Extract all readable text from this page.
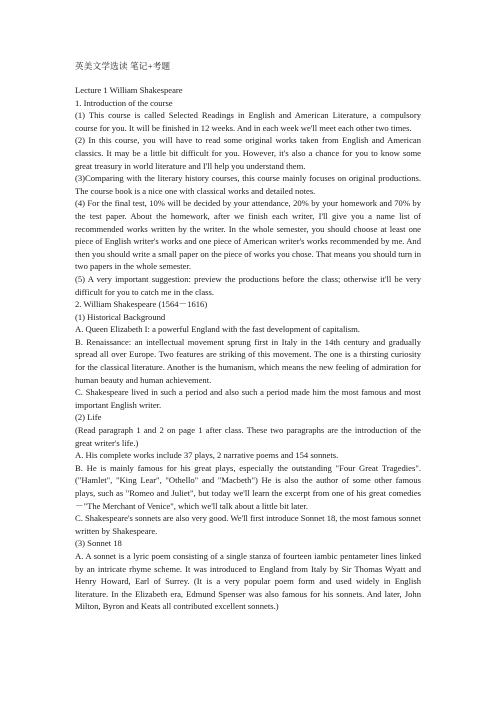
英美文学选读 笔记+考题

Lecture 1 William Shakespeare

1. Introduction of the course

(1) This course is called Selected Readings in English and American Literature, a compulsory course for you. It will be finished in 12 weeks. And in each week we'll meet each other two times.

(2) In this course, you will have to read some original works taken from English and American classics. It may be a little bit difficult for you. However, it's also a chance for you to know some great treasury in world literature and I'll help you understand them.

(3)Comparing with the literary history courses, this course mainly focuses on original productions. The course book is a nice one with classical works and detailed notes.

(4) For the final test, 10% will be decided by your attendance, 20% by your homework and 70% by the test paper. About the homework, after we finish each writer, I'll give you a name list of recommended works written by the writer. In the whole semester, you should choose at least one piece of English writer's works and one piece of American writer's works recommended by me. And then you should write a small paper on the piece of works you chose. That means you should turn in two papers in the whole semester.

(5) A very important suggestion: preview the productions before the class; otherwise it'll be very difficult for you to catch me in the class.

2. William Shakespeare (1564－1616)

(1) Historical Background

A. Queen Elizabeth I: a powerful England with the fast development of capitalism.

B. Renaissance: an intellectual movement sprung first in Italy in the 14th century and gradually spread all over Europe. Two features are striking of this movement. The one is a thirsting curiosity for the classical literature. Another is the humanism, which means the new feeling of admiration for human beauty and human achievement.

C. Shakespeare lived in such a period and also such a period made him the most famous and most important English writer.

(2) Life

(Read paragraph 1 and 2 on page 1 after class. These two paragraphs are the introduction of the great writer's life.)

A. His complete works include 37 plays, 2 narrative poems and 154 sonnets.

B. He is mainly famous for his great plays, especially the outstanding "Four Great Tragedies". ("Hamlet", "King Lear", "Othello" and "Macbeth") He is also the author of some other famous plays, such as "Romeo and Juliet", but today we'll learn the excerpt from one of his great comedies－"The Merchant of Venice", which we'll talk about a little bit later.

C. Shakespeare's sonnets are also very good. We'll first introduce Sonnet 18, the most famous sonnet written by Shakespeare.

(3) Sonnet 18

A. A sonnet is a lyric poem consisting of a single stanza of fourteen iambic pentameter lines linked by an intricate rhyme scheme. It was introduced to England from Italy by Sir Thomas Wyatt and Henry Howard, Earl of Surrey. (It is a very popular poem form and used widely in English literature. In the Elizabeth era, Edmund Spenser was also famous for his sonnets. And later, John Milton, Byron and Keats all contributed excellent sonnets.)
